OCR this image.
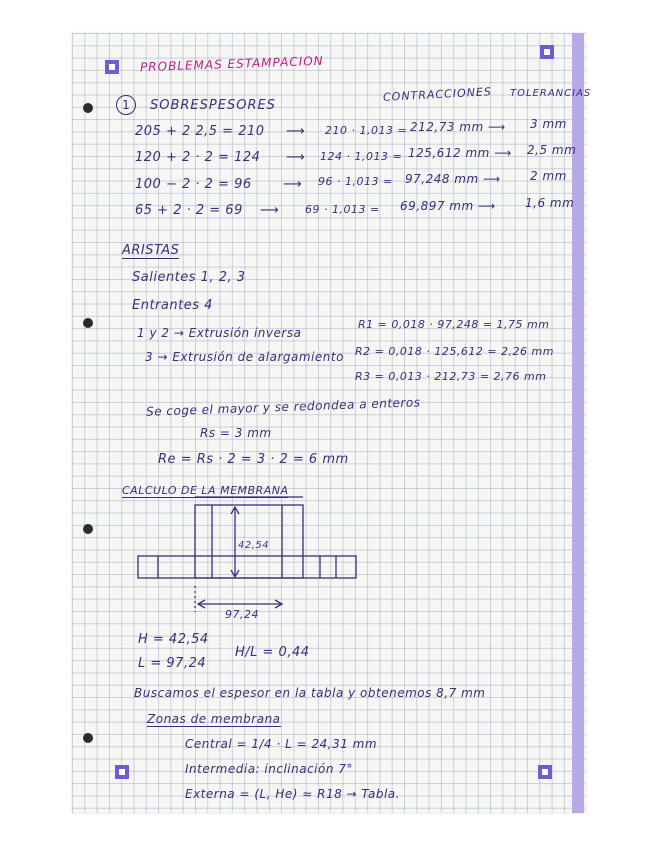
PROBLEMAS ESTAMPACION
1	SOBRESPESORES
CONTRACCIONES TOLERANCIAS
205 + 2 2,5 = 210 ⟶ 210 · 1,013 = 212,73 mm ⟶ 3 mm
120 + 2 · 2 = 124 ⟶ 124 · 1,013 = 125,612 mm ⟶ 2,5 mm
100 − 2 · 2 = 96 ⟶ 96 · 1,013 = 97,248 mm ⟶ 2 mm
65 + 2 · 2 = 69 ⟶ 69 · 1,013 = 69,897 mm ⟶ 1,6 mm
ARISTAS
Salientes 1, 2, 3
Entrantes 4
1 y 2 → Extrusión inversa
3 → Extrusión de alargamiento
R1 = 0,018 · 97,248 = 1,75 mm
R2 = 0,018 · 125,612 = 2,26 mm
R3 = 0,013 · 212,73 = 2,76 mm
Se coge el mayor y se redondea a enteros
Rs = 3 mm
Re = Rs · 2 = 3 · 2 = 6 mm
CALCULO DE LA MEMBRANA
42,54
97,24
H = 42,54
L = 97,24
H/L = 0,44
Buscamos el espesor en la tabla y obtenemos 8,7 mm
Zonas de membrana
Central = 1/4 · L = 24,31 mm
Intermedia: inclinación 7°
Externa = (L, He) ≈ R18 → Tabla.
